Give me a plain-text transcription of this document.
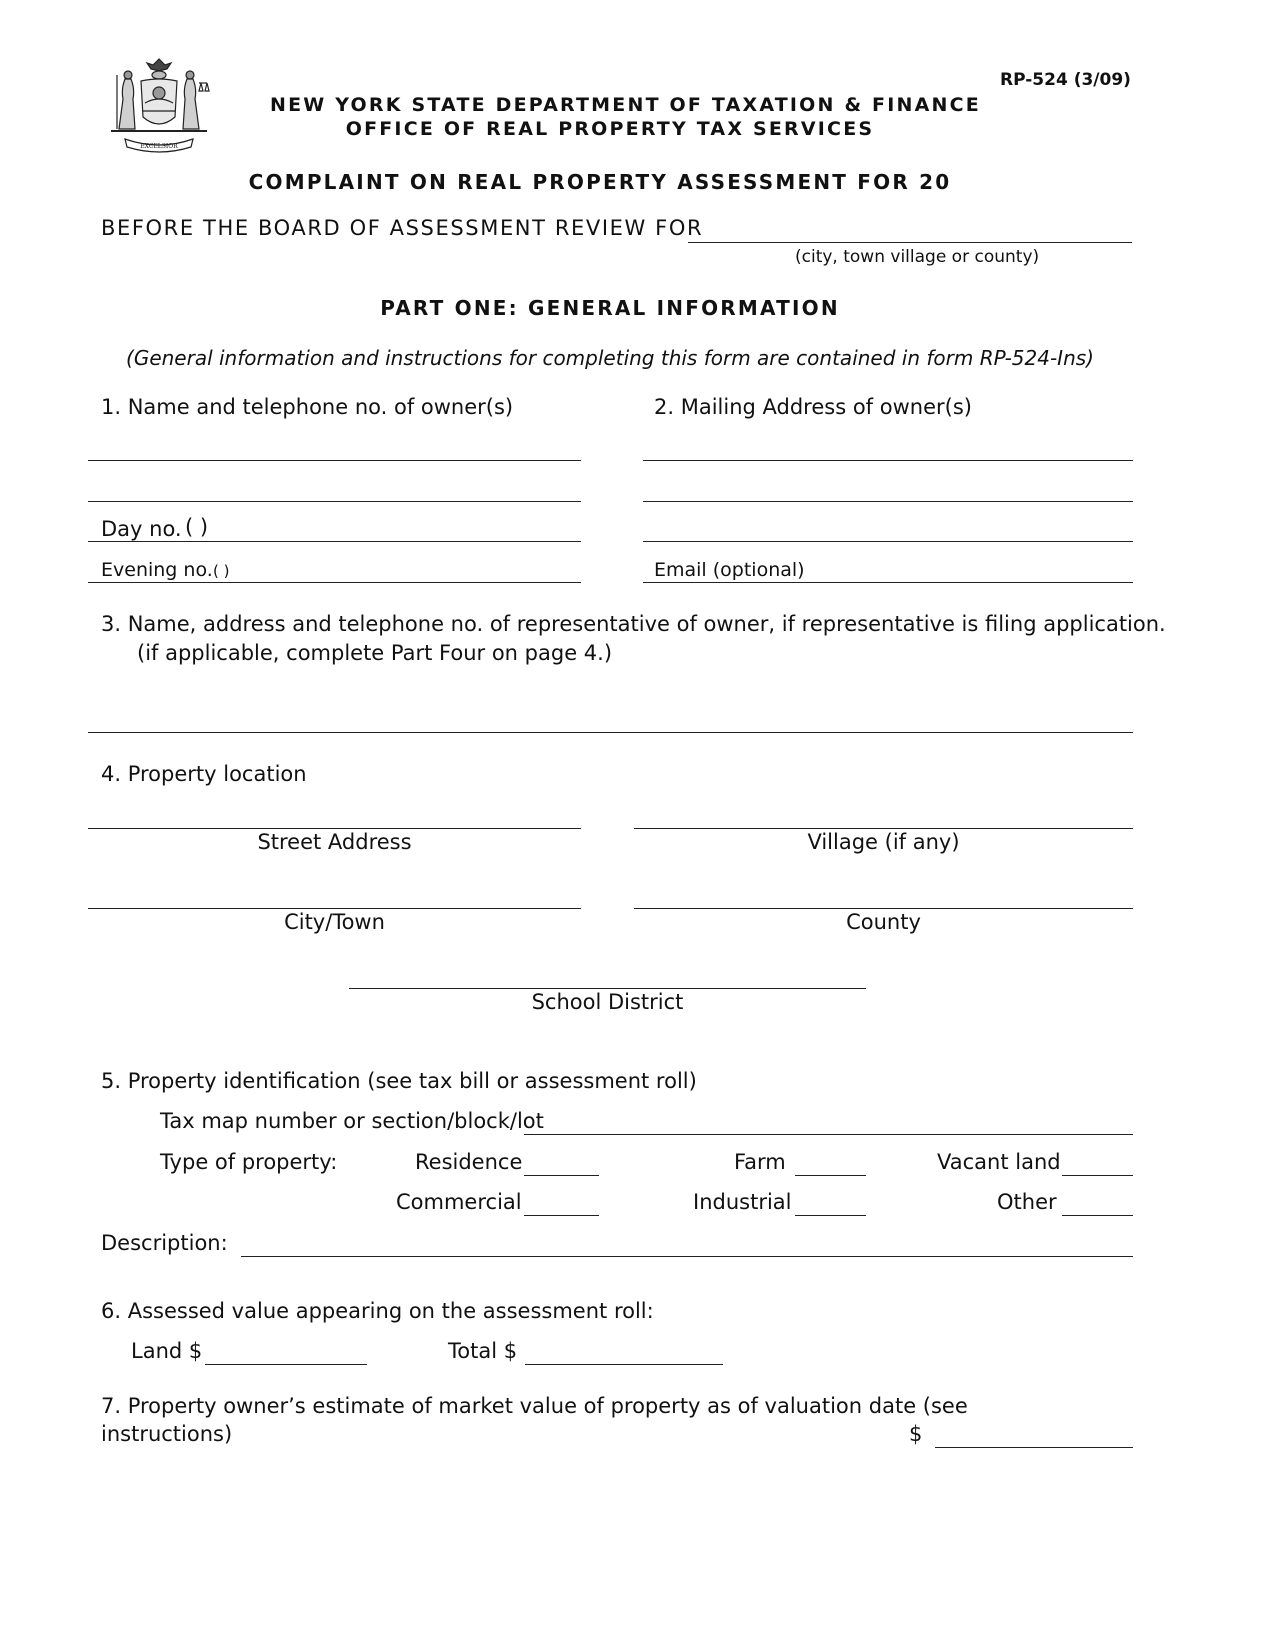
EXCELSIOR
RP-524 (3/09)
NEW YORK STATE DEPARTMENT OF TAXATION & FINANCE
OFFICE OF REAL PROPERTY TAX SERVICES
COMPLAINT ON REAL PROPERTY ASSESSMENT FOR 20
BEFORE THE BOARD OF ASSESSMENT REVIEW FOR
(city, town village or county)
PART ONE: GENERAL INFORMATION
(General information and instructions for completing this form are contained in form RP-524-Ins)
1. Name and telephone no. of owner(s)
Day no. ( )
Evening no. ( )
2. Mailing Address of owner(s)
Email (optional)
3. Name, address and telephone no. of representative of owner, if representative is filing application.
(if applicable, complete Part Four on page 4.)
4. Property location
Street Address	Village (if any)
City/Town	County
School District
5. Property identification (see tax bill or assessment roll)
Tax map number or section/block/lot
Type of property:	Residence	Farm	Vacant land
Commercial	Industrial	Other
Description:
6. Assessed value appearing on the assessment roll:
Land $	Total $
7. Property owner’s estimate of market value of property as of valuation date (see
instructions)	$
